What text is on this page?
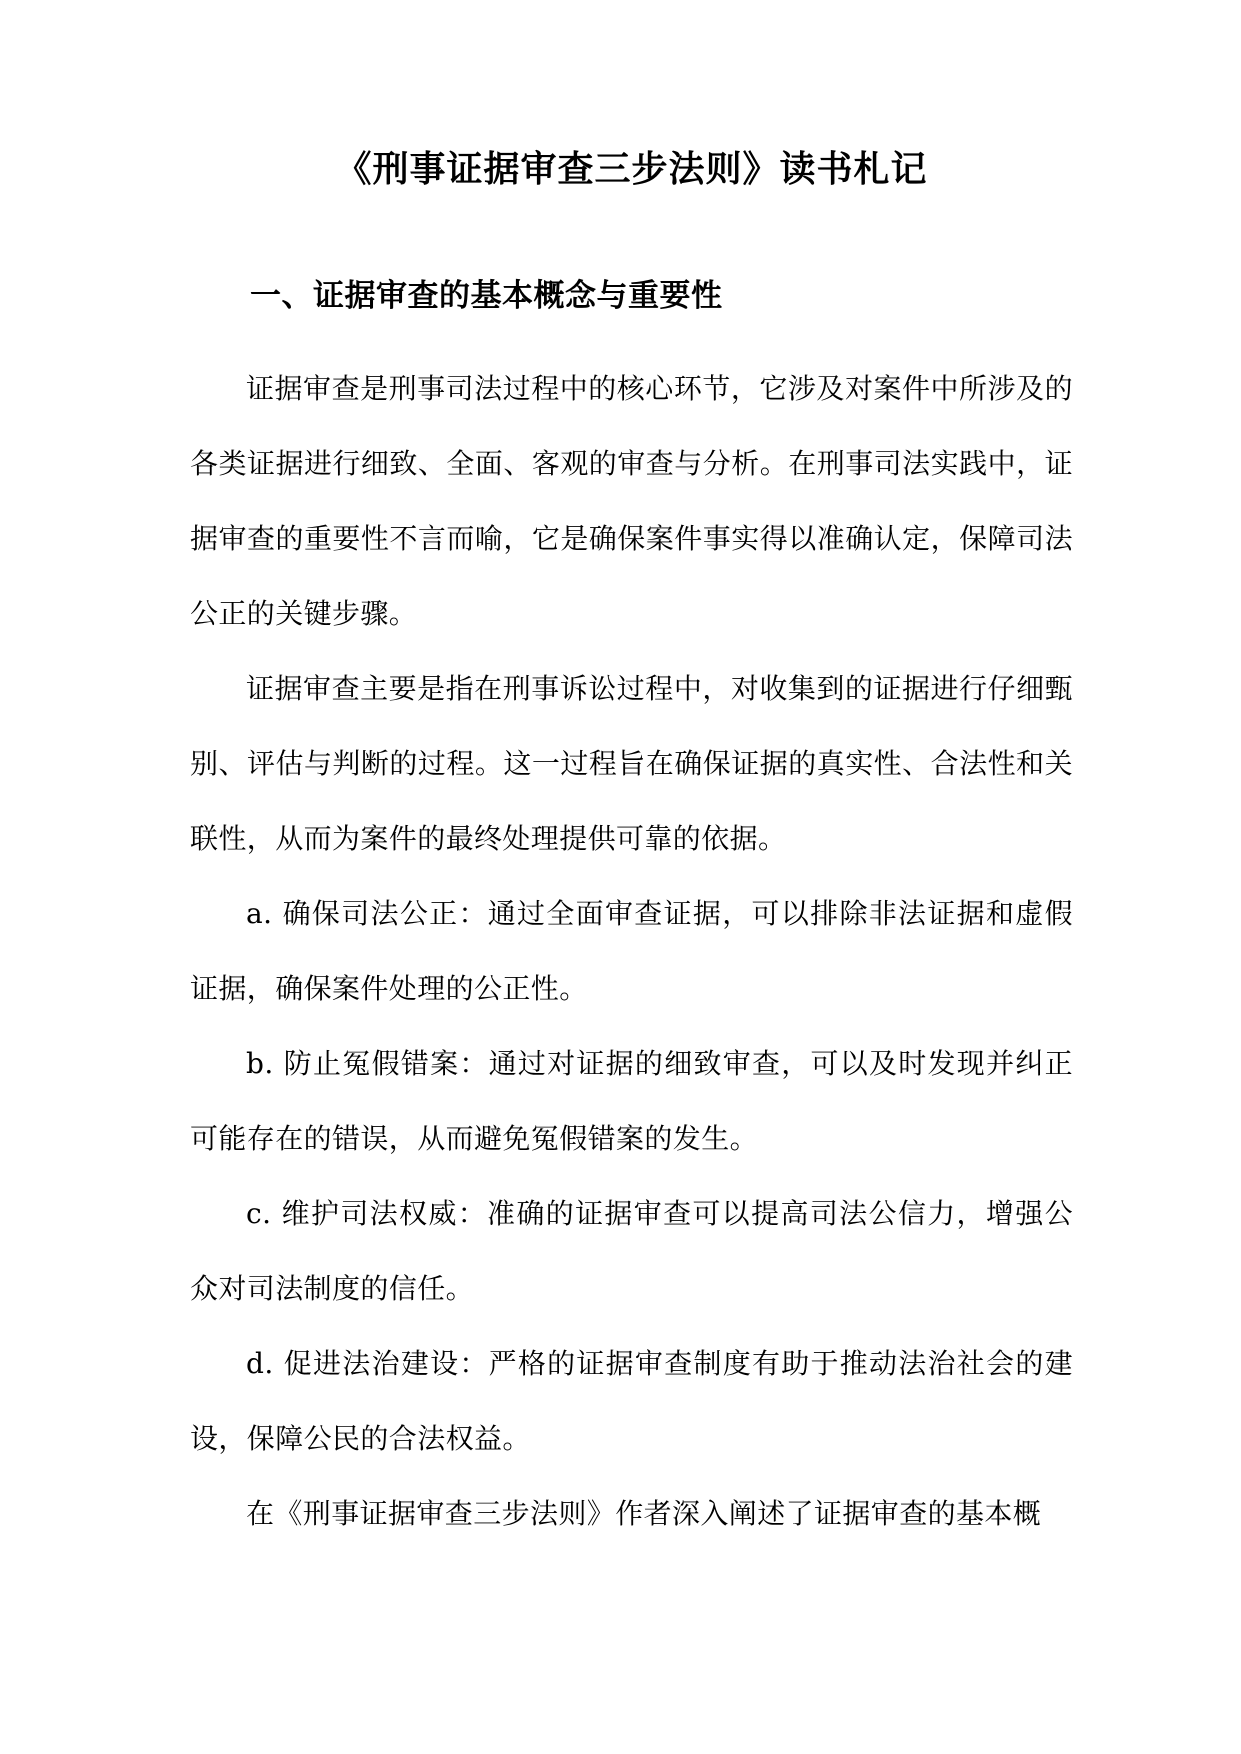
《刑事证据审查三步法则》读书札记
一、证据审查的基本概念与重要性

证据审查是刑事司法过程中的核心环节，它涉及对案件中所涉及的各类证据进行细致、全面、客观的审查与分析。在刑事司法实践中，证据审查的重要性不言而喻，它是确保案件事实得以准确认定，保障司法公正的关键步骤。

证据审查主要是指在刑事诉讼过程中，对收集到的证据进行仔细甄别、评估与判断的过程。这一过程旨在确保证据的真实性、合法性和关联性，从而为案件的最终处理提供可靠的依据。

a. 确保司法公正：通过全面审查证据，可以排除非法证据和虚假证据，确保案件处理的公正性。

b. 防止冤假错案：通过对证据的细致审查，可以及时发现并纠正可能存在的错误，从而避免冤假错案的发生。

c. 维护司法权威：准确的证据审查可以提高司法公信力，增强公众对司法制度的信任。

d. 促进法治建设：严格的证据审查制度有助于推动法治社会的建设，保障公民的合法权益。

在《刑事证据审查三步法则》作者深入阐述了证据审查的基本概
